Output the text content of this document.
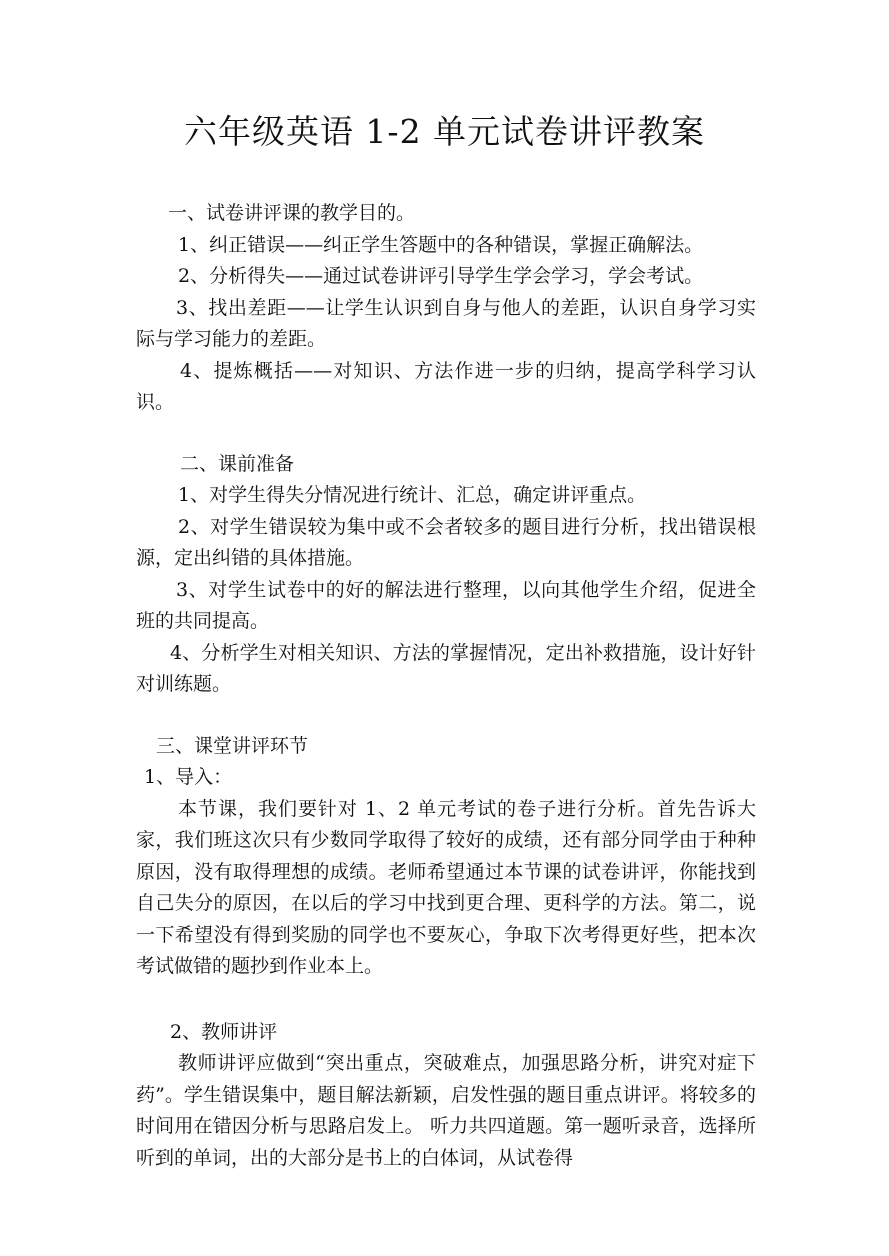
六年级英语 1-2 单元试卷讲评教案

一、试卷讲评课的教学目的。

1、纠正错误——纠正学生答题中的各种错误，掌握正确解法。

2、分析得失——通过试卷讲评引导学生学会学习，学会考试。

3、找出差距——让学生认识到自身与他人的差距，认识自身学习实际与学习能力的差距。

4、提炼概括——对知识、方法作进一步的归纳，提高学科学习认识。

二、课前准备

1、对学生得失分情况进行统计、汇总，确定讲评重点。

2、对学生错误较为集中或不会者较多的题目进行分析，找出错误根源，定出纠错的具体措施。

3、对学生试卷中的好的解法进行整理，以向其他学生介绍，促进全班的共同提高。

4、分析学生对相关知识、方法的掌握情况，定出补救措施，设计好针对训练题。

三、课堂讲评环节

1、导入：

本节课，我们要针对 1、2 单元考试的卷子进行分析。首先告诉大家，我们班这次只有少数同学取得了较好的成绩，还有部分同学由于种种原因，没有取得理想的成绩。老师希望通过本节课的试卷讲评，你能找到自己失分的原因，在以后的学习中找到更合理、更科学的方法。第二，说一下希望没有得到奖励的同学也不要灰心，争取下次考得更好些，把本次考试做错的题抄到作业本上。

2、教师讲评

教师讲评应做到“突出重点，突破难点，加强思路分析，讲究对症下药”。学生错误集中，题目解法新颖，启发性强的题目重点讲评。将较多的时间用在错因分析与思路启发上。 听力共四道题。第一题听录音，选择所听到的单词，出的大部分是书上的白体词，从试卷得
